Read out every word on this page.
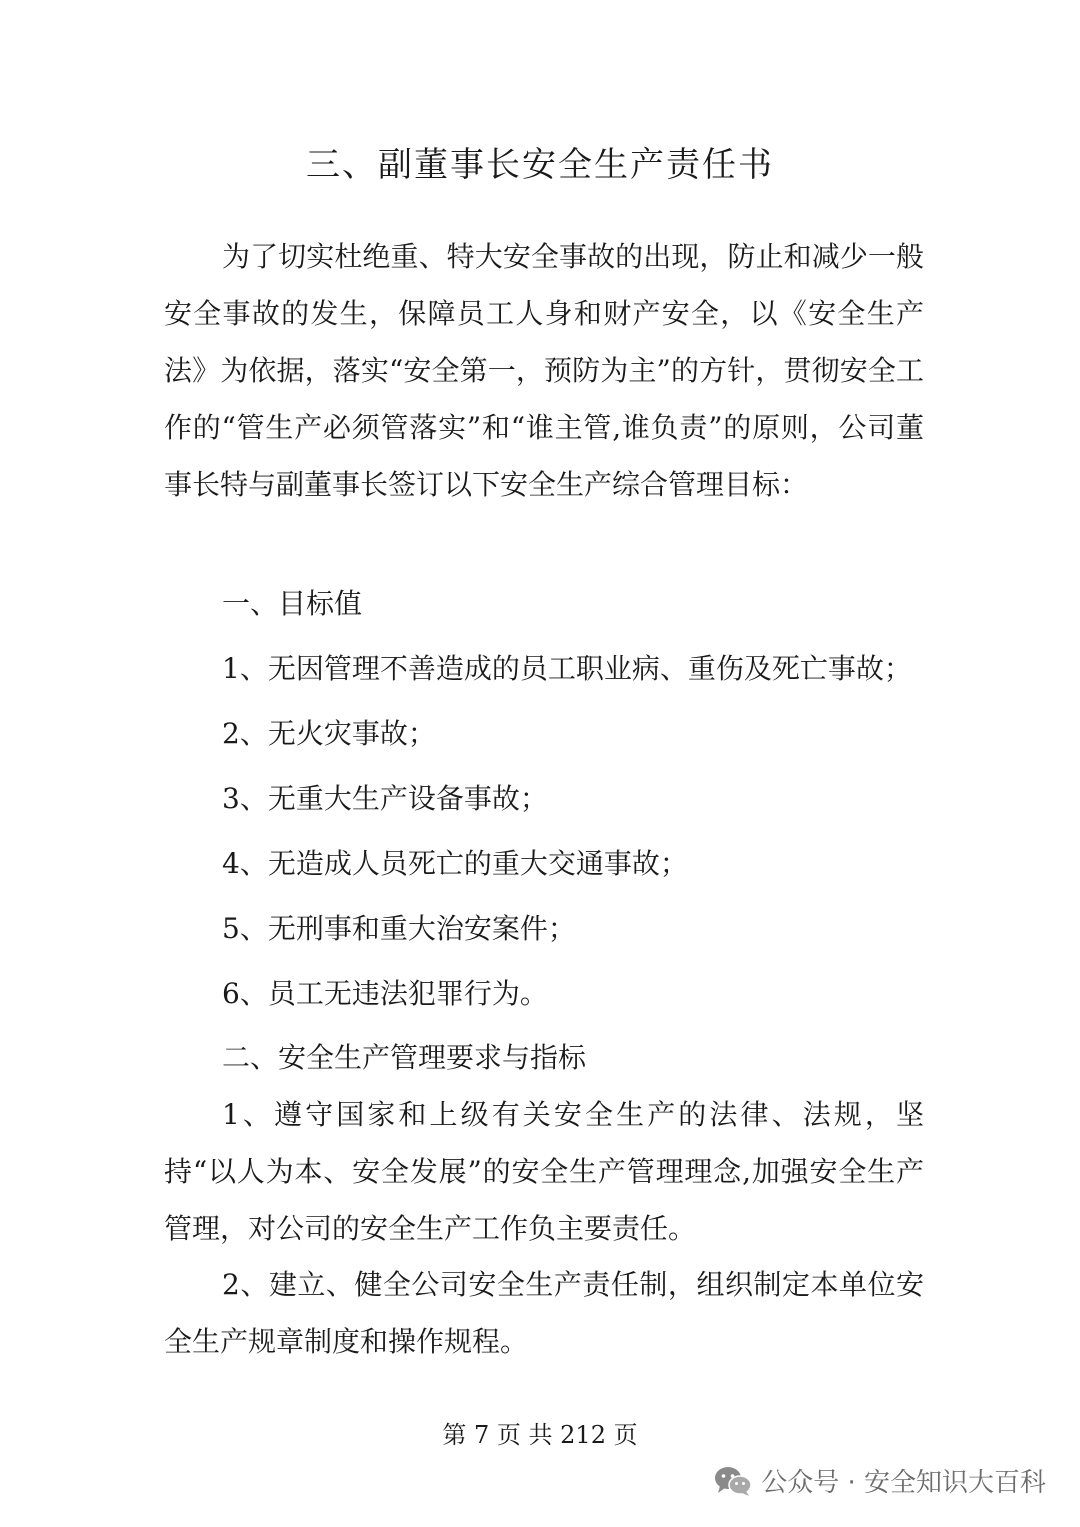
三、副董事长安全生产责任书

为了切实杜绝重、特大安全事故的出现，防止和减少一般安全事故的发生，保障员工人身和财产安全，以《安全生产法》为依据，落实“安全第一，预防为主”的方针，贯彻安全工作的“管生产必须管落实”和“谁主管,谁负责”的原则，公司董事长特与副董事长签订以下安全生产综合管理目标：

一、目标值
1、无因管理不善造成的员工职业病、重伤及死亡事故；
2、无火灾事故；
3、无重大生产设备事故；
4、无造成人员死亡的重大交通事故；
5、无刑事和重大治安案件；
6、员工无违法犯罪行为。
二、安全生产管理要求与指标

1、遵守国家和上级有关安全生产的法律、法规，坚持“以人为本、安全发展”的安全生产管理理念,加强安全生产管理，对公司的安全生产工作负主要责任。

2、建立、健全公司安全生产责任制，组织制定本单位安全生产规章制度和操作规程。

第 7 页 共 212 页
公众号 · 安全知识大百科
